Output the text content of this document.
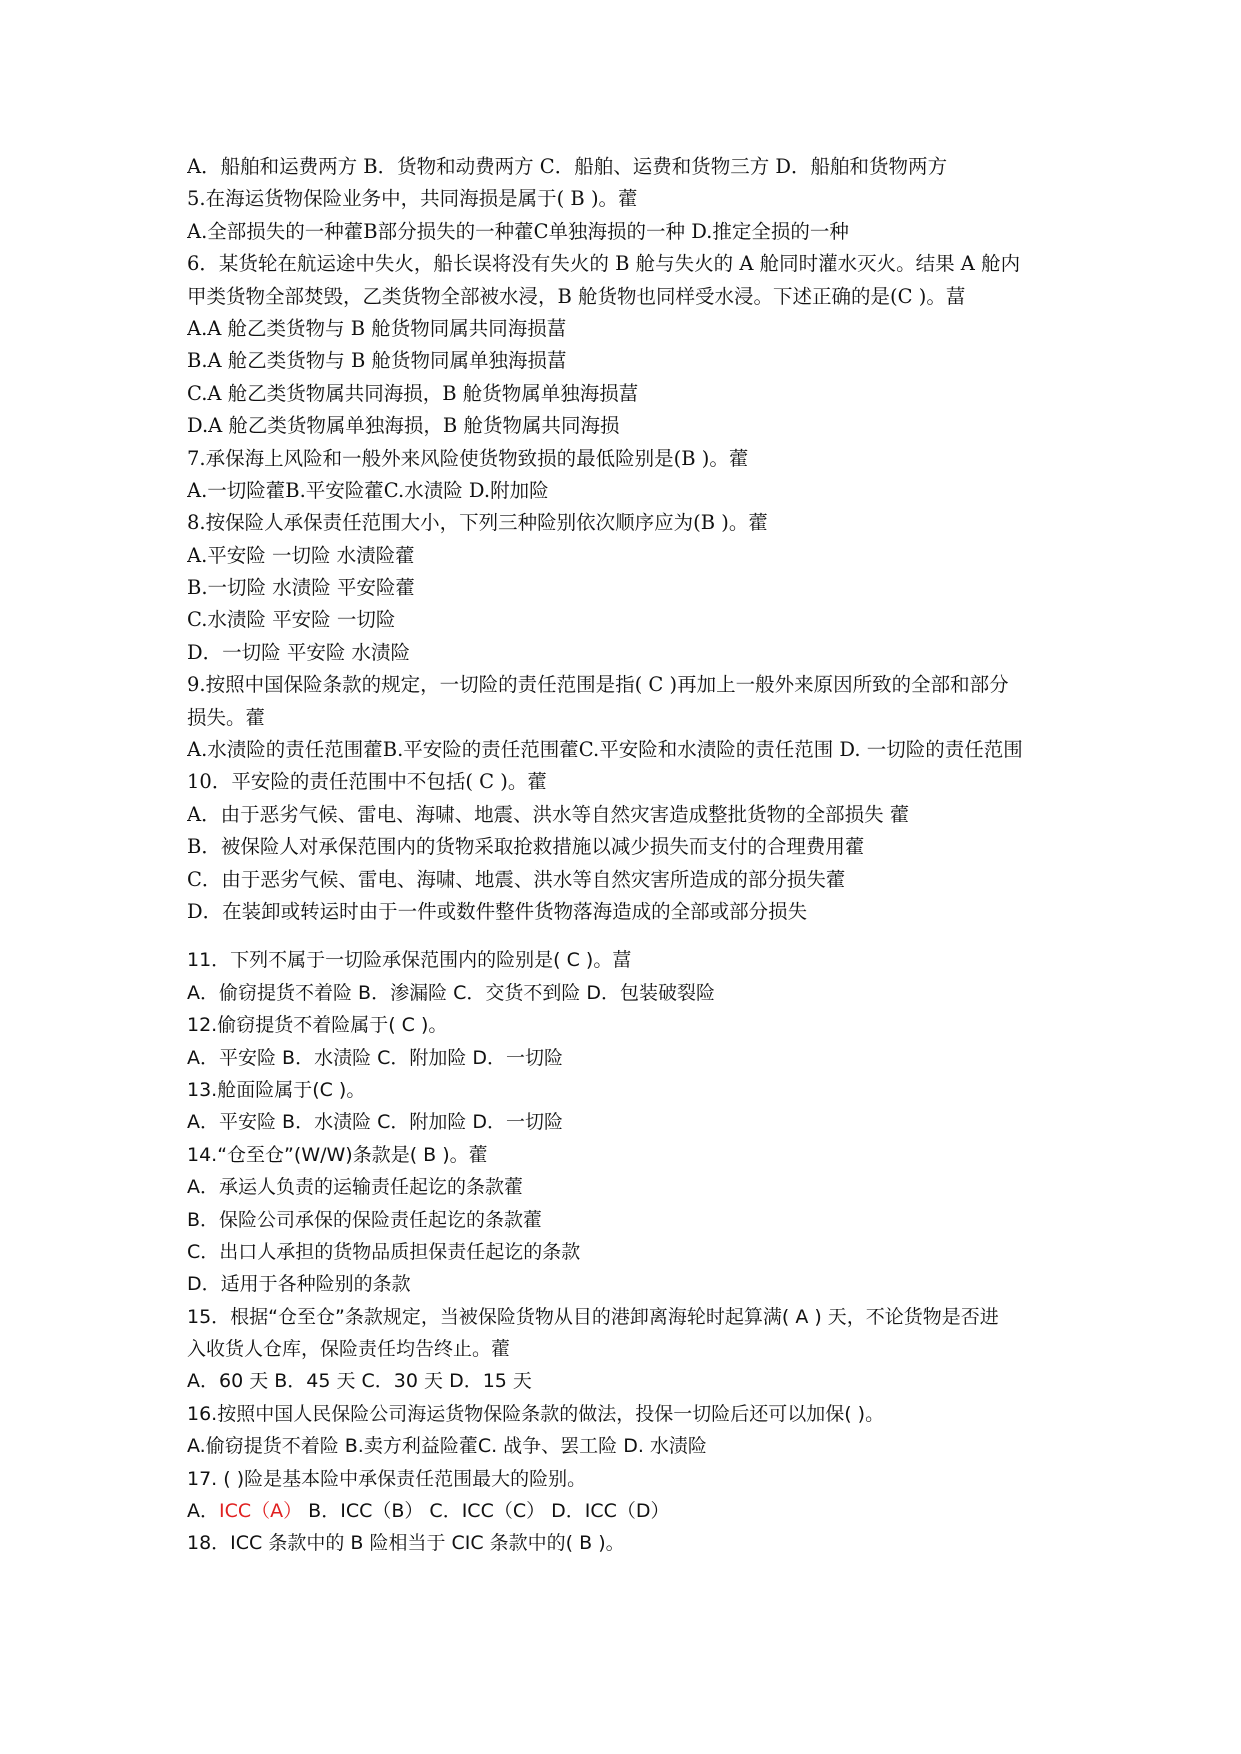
A．船舶和运费两方 B．货物和动费两方 C．船舶、运费和货物三方 D．船舶和货物两方
5.在海运货物保险业务中，共同海损是属于( B )。藿
A.全部损失的一种藿B部分损失的一种藿C单独海损的一种 D.推定全损的一种
6．某货轮在航运途中失火，船长误将没有失火的 B 舱与失火的 A 舱同时灌水灭火。结果 A 舱内
甲类货物全部焚毁，乙类货物全部被水浸，B 舱货物也同样受水浸。下述正确的是(C )。葍
A.A 舱乙类货物与 B 舱货物同属共同海损葍
B.A 舱乙类货物与 B 舱货物同属单独海损葍
C.A 舱乙类货物属共同海损，B 舱货物属单独海损葍
D.A 舱乙类货物属单独海损，B 舱货物属共同海损
7.承保海上风险和一般外来风险使货物致损的最低险别是(B )。藿
A.一切险藿B.平安险藿C.水渍险 D.附加险
8.按保险人承保责任范围大小，下列三种险别依次顺序应为(B )。藿
A.平安险 一切险 水渍险藿
B.一切险 水渍险 平安险藿
C.水渍险 平安险 一切险
D．一切险 平安险 水渍险
9.按照中国保险条款的规定，一切险的责任范围是指( C )再加上一般外来原因所致的全部和部分
损失。藿
A.水渍险的责任范围藿B.平安险的责任范围藿C.平安险和水渍险的责任范围 D. 一切险的责任范围
10．平安险的责任范围中不包括( C )。藿
A．由于恶劣气候、雷电、海啸、地震、洪水等自然灾害造成整批货物的全部损失 藿
B．被保险人对承保范围内的货物采取抢救措施以减少损失而支付的合理费用藿
C．由于恶劣气候、雷电、海啸、地震、洪水等自然灾害所造成的部分损失藿
D．在装卸或转运时由于一件或数件整件货物落海造成的全部或部分损失
11．下列不属于一切险承保范围内的险别是( C )。葍
A．偷窃提货不着险 B．渗漏险 C．交货不到险 D．包装破裂险
12.偷窃提货不着险属于( C )。
A．平安险 B．水渍险 C．附加险 D．一切险
13.舱面险属于(C )。
A．平安险 B．水渍险 C．附加险 D．一切险
14.“仓至仓”(W/W)条款是( B )。藿
A．承运人负责的运输责任起讫的条款藿
B．保险公司承保的保险责任起讫的条款藿
C．出口人承担的货物品质担保责任起讫的条款
D．适用于各种险别的条款
15．根据“仓至仓”条款规定，当被保险货物从目的港卸离海轮时起算满( A ) 天，不论货物是否进
入收货人仓库，保险责任均告终止。藿
A．60 天 B．45 天 C．30 天 D．15 天
16.按照中国人民保险公司海运货物保险条款的做法，投保一切险后还可以加保( )。
A.偷窃提货不着险 B.卖方利益险藿C. 战争、罢工险 D. 水渍险
17. ( )险是基本险中承保责任范围最大的险别。
A．ICC（A） B．ICC（B） C．ICC（C） D．ICC（D）
18．ICC 条款中的 B 险相当于 CIC 条款中的( B )。
